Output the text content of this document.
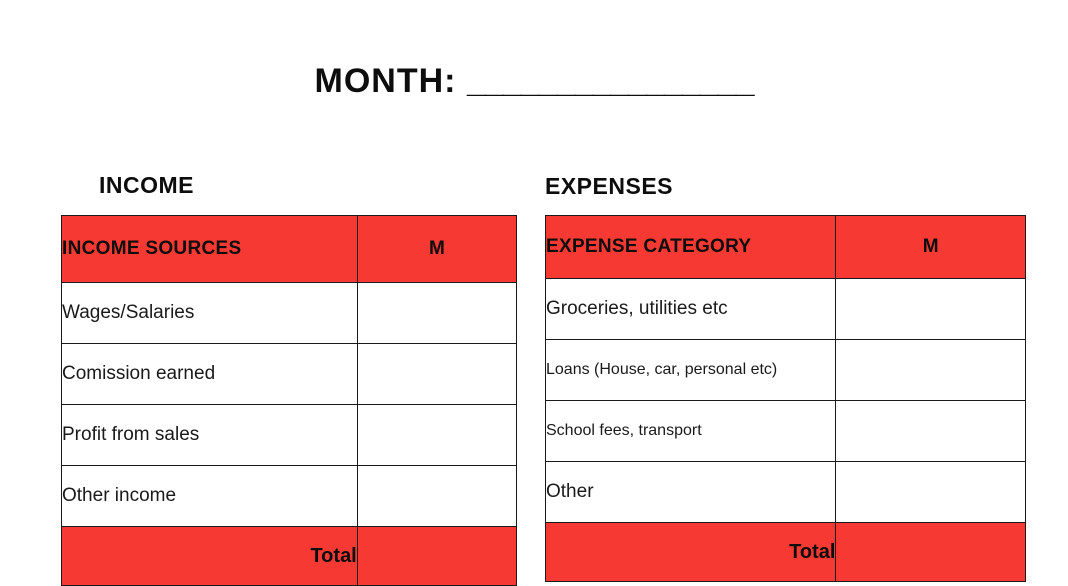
MONTH: ________________
INCOME	EXPENSES
INCOME SOURCES	M
Wages/Salaries	
Comission earned	
Profit from sales	
Other income	
Total	
EXPENSE CATEGORY	M
Groceries, utilities etc	
Loans (House, car, personal etc)	
School fees, transport	
Other	
Total	
